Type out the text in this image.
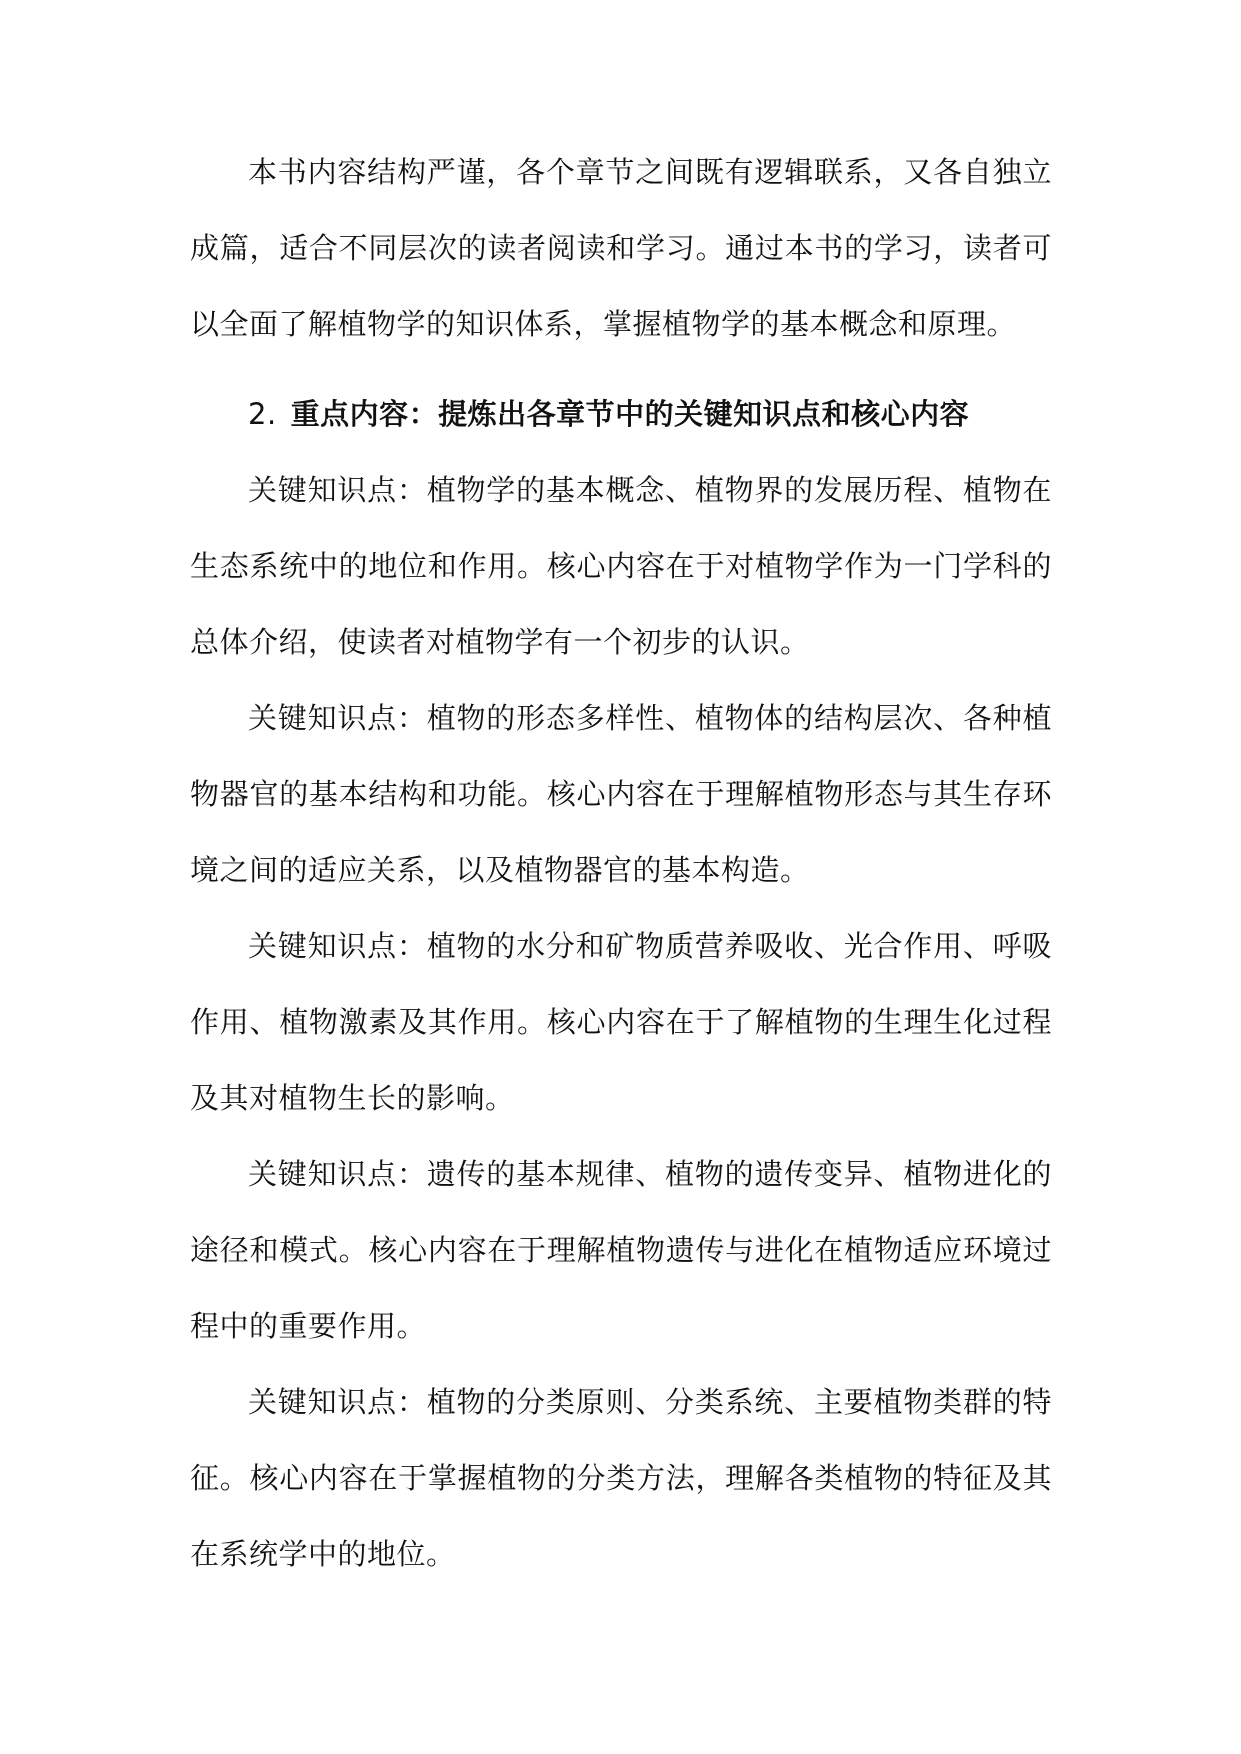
本书内容结构严谨，各个章节之间既有逻辑联系，又各自独立成篇，适合不同层次的读者阅读和学习。通过本书的学习，读者可以全面了解植物学的知识体系，掌握植物学的基本概念和原理。

2. 重点内容：提炼出各章节中的关键知识点和核心内容

关键知识点：植物学的基本概念、植物界的发展历程、植物在生态系统中的地位和作用。核心内容在于对植物学作为一门学科的总体介绍，使读者对植物学有一个初步的认识。

关键知识点：植物的形态多样性、植物体的结构层次、各种植物器官的基本结构和功能。核心内容在于理解植物形态与其生存环境之间的适应关系，以及植物器官的基本构造。

关键知识点：植物的水分和矿物质营养吸收、光合作用、呼吸作用、植物激素及其作用。核心内容在于了解植物的生理生化过程及其对植物生长的影响。

关键知识点：遗传的基本规律、植物的遗传变异、植物进化的途径和模式。核心内容在于理解植物遗传与进化在植物适应环境过程中的重要作用。

关键知识点：植物的分类原则、分类系统、主要植物类群的特征。核心内容在于掌握植物的分类方法，理解各类植物的特征及其在系统学中的地位。
